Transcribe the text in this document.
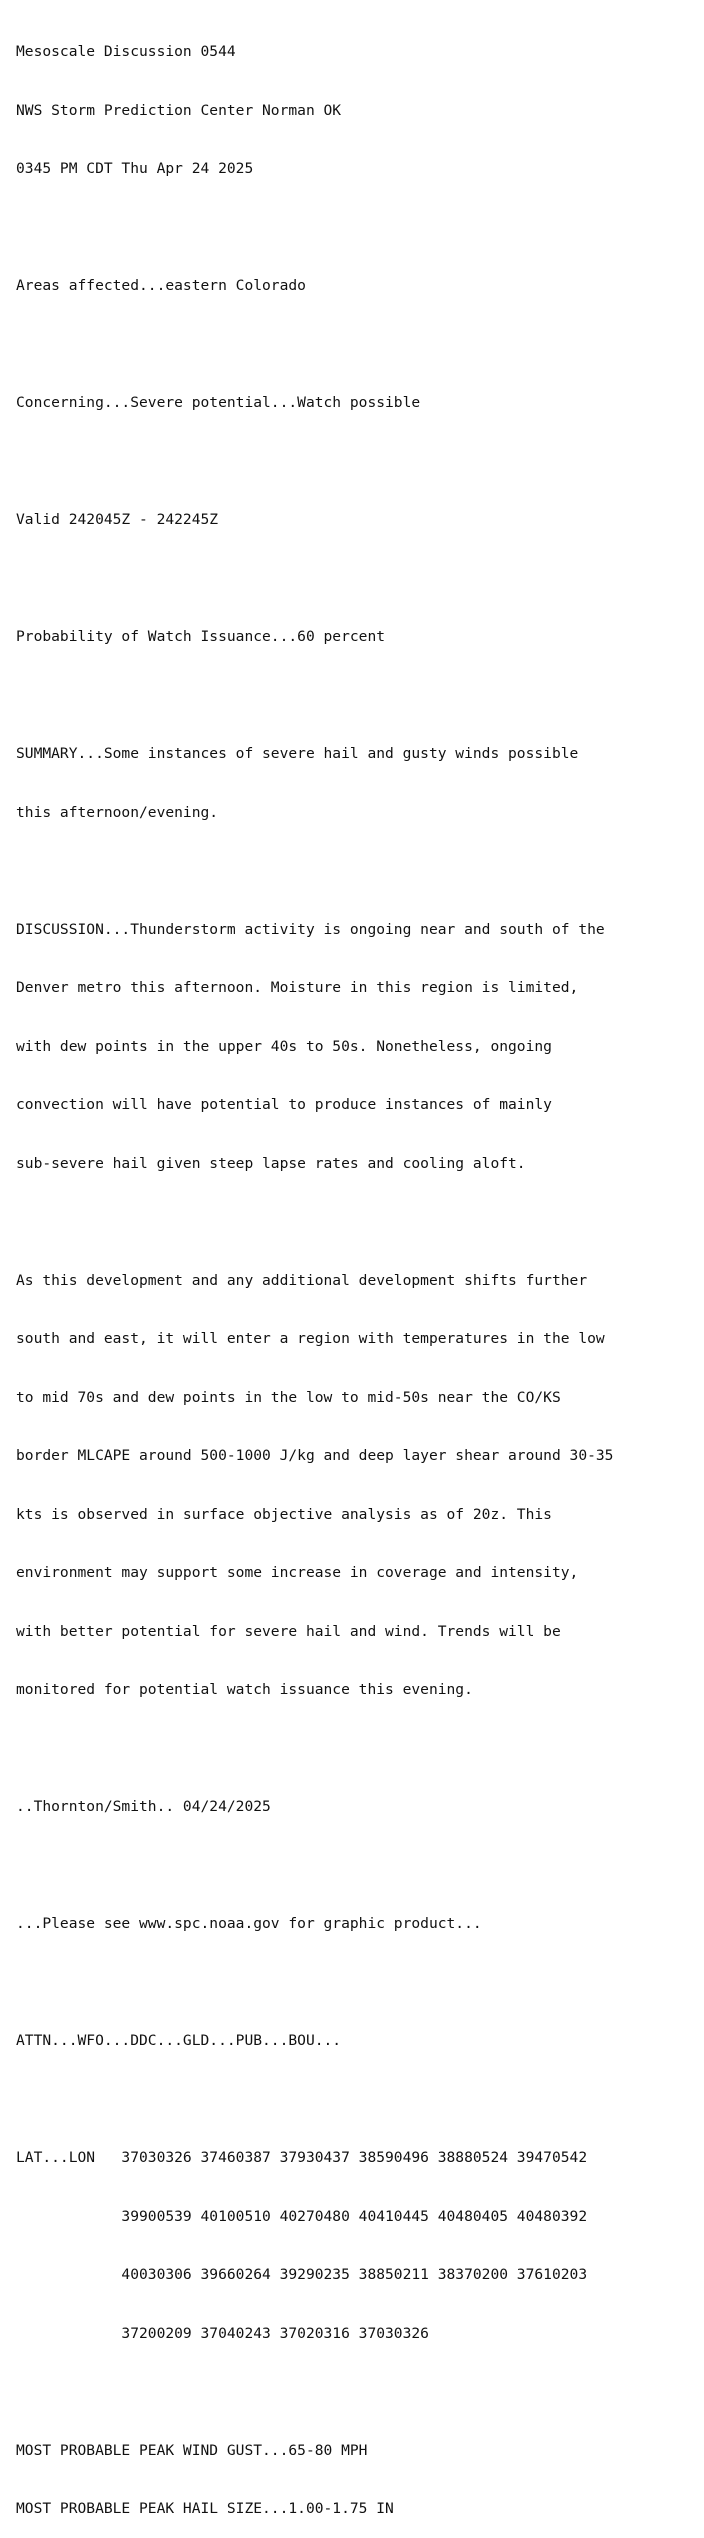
Mesoscale Discussion 0544

NWS Storm Prediction Center Norman OK

0345 PM CDT Thu Apr 24 2025

Areas affected...eastern Colorado

Concerning...Severe potential...Watch possible

Valid 242045Z - 242245Z

Probability of Watch Issuance...60 percent

SUMMARY...Some instances of severe hail and gusty winds possible

this afternoon/evening.

DISCUSSION...Thunderstorm activity is ongoing near and south of the

Denver metro this afternoon. Moisture in this region is limited,

with dew points in the upper 40s to 50s. Nonetheless, ongoing

convection will have potential to produce instances of mainly

sub-severe hail given steep lapse rates and cooling aloft.

As this development and any additional development shifts further

south and east, it will enter a region with temperatures in the low

to mid 70s and dew points in the low to mid-50s near the CO/KS

border MLCAPE around 500-1000 J/kg and deep layer shear around 30-35

kts is observed in surface objective analysis as of 20z. This

environment may support some increase in coverage and intensity,

with better potential for severe hail and wind. Trends will be

monitored for potential watch issuance this evening.

..Thornton/Smith.. 04/24/2025

...Please see www.spc.noaa.gov for graphic product...

ATTN...WFO...DDC...GLD...PUB...BOU...

LAT...LON   37030326 37460387 37930437 38590496 38880524 39470542

39900539 40100510 40270480 40410445 40480405 40480392

40030306 39660264 39290235 38850211 38370200 37610203

37200209 37040243 37020316 37030326

MOST PROBABLE PEAK WIND GUST...65-80 MPH

MOST PROBABLE PEAK HAIL SIZE...1.00-1.75 IN
